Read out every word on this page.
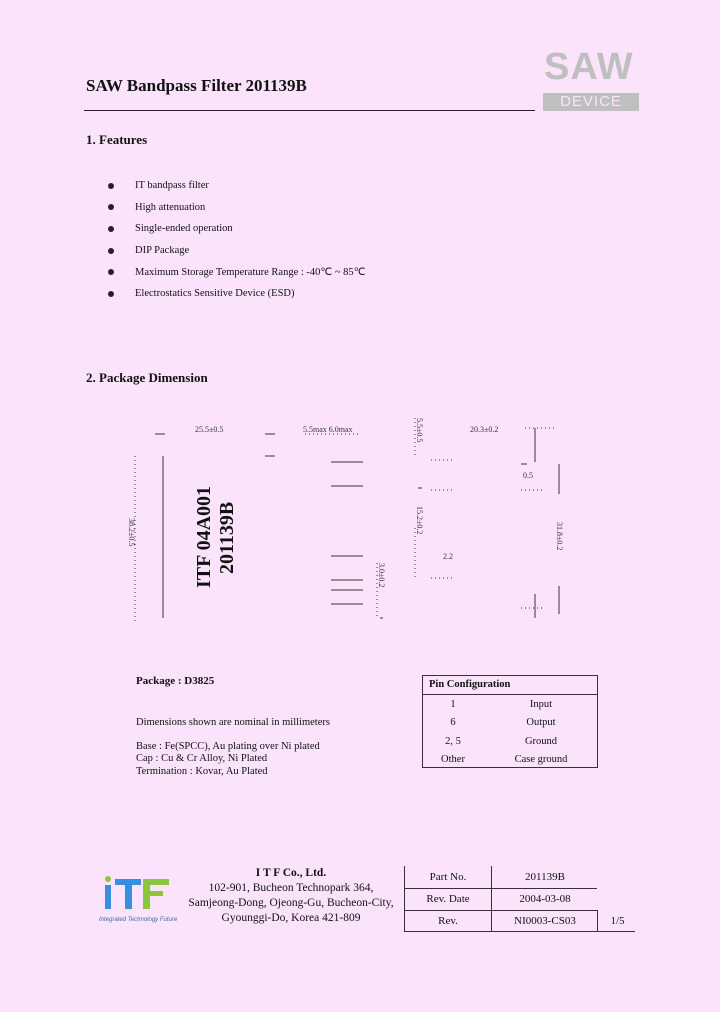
SAW Bandpass Filter 201139B	SAW
DEVICE
1. Features
IT bandpass filter
High attenuation
Single-ended operation
DIP Package
Maximum Storage Temperature Range : -40℃ ~ 85℃
Electrostatics Sensitive Device (ESD)
2. Package Dimension
25.5±0.5	5.5max 6.0max	20.3±0.2
38.2±0.5
5.5±0.5
15.2±0.2
2.2
31.8±0.2
3.0±0.2
0.5
ITF 04A001 201139B
Package : D3825
Dimensions shown are nominal in millimeters
Base : Fe(SPCC), Au plating over Ni plated
Cap : Cu & Cr Alloy, Ni Plated
Termination : Kovar, Au Plated
Pin Configuration	
1	Input
6	Output
2, 5	Ground
Other	Case ground
Integrated Technology Future
I T F Co., Ltd.
102-901, Bucheon Technopark 364,
Samjeong-Dong, Ojeong-Gu, Bucheon-City,
Gyounggi-Do, Korea 421-809
Part No.	201139B
Rev. Date	2004-03-08
Rev.	NI0003-CS03	1/5
